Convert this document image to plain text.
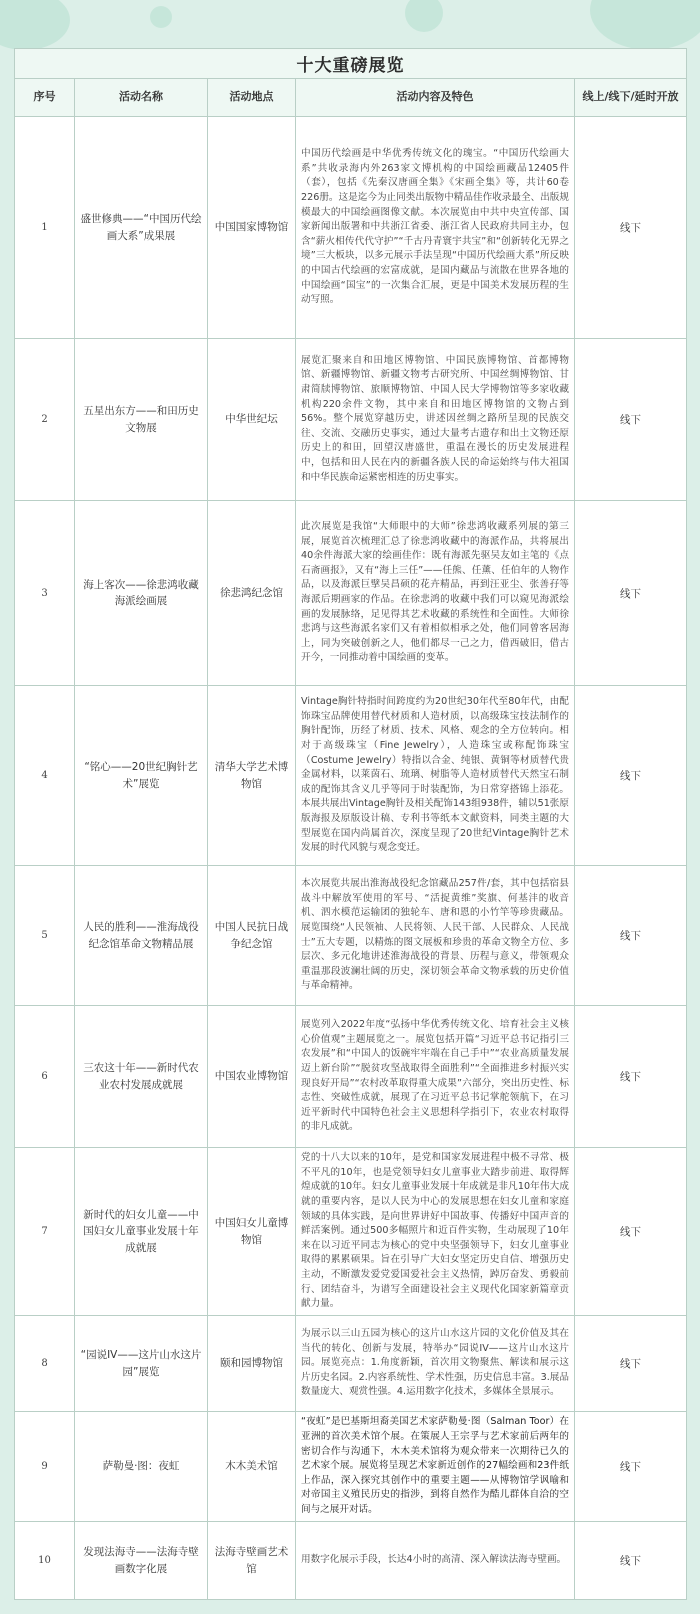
十大重磅展览				
序号	活动名称	活动地点	活动内容及特色	线上/线下/延时开放
1	盛世修典——“中国历代绘画大系”成果展	中国国家博物馆	中国历代绘画是中华优秀传统文化的瑰宝。“中国历代绘画大系”共收录海内外263家文博机构的中国绘画藏品12405件（套），包括《先秦汉唐画全集》《宋画全集》等，共计60卷226册。这是迄今为止同类出版物中精品佳作收录最全、出版规模最大的中国绘画图像文献。本次展览由中共中央宣传部、国家新闻出版署和中共浙江省委、浙江省人民政府共同主办，包含“薪火相传代代守护”“千古丹青寰宇共宝”和“创新转化无界之境”三大板块，以多元展示手法呈现“中国历代绘画大系”所反映的中国古代绘画的宏富成就，是国内藏品与流散在世界各地的中国绘画“国宝”的一次集合汇展，更是中国美术发展历程的生动写照。	线下
2	五星出东方——和田历史文物展	中华世纪坛	展览汇聚来自和田地区博物馆、中国民族博物馆、首都博物馆、新疆博物馆、新疆文物考古研究所、中国丝绸博物馆、甘肃简牍博物馆、旅顺博物馆、中国人民大学博物馆等多家收藏机构220余件文物，其中来自和田地区博物馆的文物占到56%。整个展览穿越历史，讲述因丝绸之路所呈现的民族交往、交流、交融历史事实，通过大量考古遗存和出土文物还原历史上的和田，回望汉唐盛世，重温在漫长的历史发展进程中，包括和田人民在内的新疆各族人民的命运始终与伟大祖国和中华民族命运紧密相连的历史事实。	线下
3	海上客次——徐悲鸿收藏海派绘画展	徐悲鸿纪念馆	此次展览是我馆“大师眼中的大师”徐悲鸿收藏系列展的第三展，展览首次梳理汇总了徐悲鸿收藏中的海派作品，共将展出40余件海派大家的绘画佳作：既有海派先驱吴友如主笔的《点石斋画报》，又有“海上三任”——任熊、任薰、任伯年的人物作品，以及海派巨擘吴昌硕的花卉精品，再到汪亚尘、张善孖等海派后期画家的作品。在徐悲鸿的收藏中我们可以窥见海派绘画的发展脉络，足见得其艺术收藏的系统性和全面性。大师徐悲鸿与这些海派名家们又有着相似相承之处，他们同曾客居海上，同为突破创新之人，他们都尽一己之力，借西破旧，借古开今，一同推动着中国绘画的变革。	线下
4	“铭心——20世纪胸针艺术”展览	清华大学艺术博物馆	Vintage胸针特指时间跨度约为20世纪30年代至80年代，由配饰珠宝品牌使用替代材质和人造材质，以高级珠宝技法制作的胸针配饰，历经了材质、技术、风格、观念的全方位转向。相对于高级珠宝（Fine Jewelry），人造珠宝或称配饰珠宝（Costume Jewelry）特指以合金、纯银、黄铜等材质替代贵金属材料，以莱茵石、琉璃、树脂等人造材质替代天然宝石制成的配饰其含义几乎等同于时装配饰，为日常穿搭锦上添花。本展共展出Vintage胸针及相关配饰143组938件，辅以51张原版海报及原版设计稿、专利书等纸本文献资料，同类主题的大型展览在国内尚属首次，深度呈现了20世纪Vintage胸针艺术发展的时代风貌与观念变迁。	线下
5	人民的胜利——淮海战役纪念馆革命文物精品展	中国人民抗日战争纪念馆	本次展览共展出淮海战役纪念馆藏品257件/套，其中包括宿县战斗中解放军使用的军号、“活捉黄维”奖旗、何基沣的收音机、泗水模范运输团的独轮车、唐和恩的小竹竿等珍贵藏品。展览围绕“人民领袖、人民将领、人民干部、人民群众、人民战士”五大专题，以精炼的图文展板和珍贵的革命文物全方位、多层次、多元化地讲述淮海战役的背景、历程与意义，带领观众重温那段波澜壮阔的历史，深切领会革命文物承载的历史价值与革命精神。	线下
6	三农这十年——新时代农业农村发展成就展	中国农业博物馆	展览列入2022年度“弘扬中华优秀传统文化、培育社会主义核心价值观”主题展览之一。展览包括开篇“习近平总书记指引三农发展”和“中国人的饭碗牢牢端在自己手中”“农业高质量发展迈上新台阶”“脱贫攻坚战取得全面胜利”“全面推进乡村振兴实现良好开局”“农村改革取得重大成果”六部分，突出历史性、标志性、突破性成就，展现了在习近平总书记掌舵领航下，在习近平新时代中国特色社会主义思想科学指引下，农业农村取得的非凡成就。	线下
7	新时代的妇女儿童——中国妇女儿童事业发展十年成就展	中国妇女儿童博物馆	党的十八大以来的10年，是党和国家发展进程中极不寻常、极不平凡的10年，也是党领导妇女儿童事业大踏步前进、取得辉煌成就的10年。妇女儿童事业发展十年成就是非凡10年伟大成就的重要内容，是以人民为中心的发展思想在妇女儿童和家庭领域的具体实践，是向世界讲好中国故事、传播好中国声音的鲜活案例。通过500多幅照片和近百件实物，生动展现了10年来在以习近平同志为核心的党中央坚强领导下，妇女儿童事业取得的累累硕果。旨在引导广大妇女坚定历史自信、增强历史主动，不断激发爱党爱国爱社会主义热情，踔厉奋发、勇毅前行、团结奋斗，为谱写全面建设社会主义现代化国家新篇章贡献力量。	线下
8	“园说IV——这片山水这片园”展览	颐和园博物馆	为展示以三山五园为核心的这片山水这片园的文化价值及其在当代的转化、创新与发展，特举办“园说IV——这片山水这片园。展览亮点：1.角度新颖，首次用文物聚焦、解读和展示这片历史名园。2.内容系统性、学术性强，历史信息丰富。3.展品数量庞大、观赏性强。4.运用数字化技术，多媒体全景展示。	线下
9	萨勒曼·图：夜虹	木木美术馆	“夜虹”是巴基斯坦裔美国艺术家萨勒曼·图（Salman Toor）在亚洲的首次美术馆个展。在策展人王宗孚与艺术家前后两年的密切合作与沟通下，木木美术馆将为观众带来一次期待已久的艺术家个展。展览将呈现艺术家新近创作的27幅绘画和23件纸上作品，深入探究其创作中的重要主题——从博物馆学讽喻和对帝国主义殖民历史的指涉，到将自然作为酷儿群体自洽的空间与之展开对话。	线下
10	发现法海寺——法海寺壁画数字化展	法海寺壁画艺术馆	用数字化展示手段，长达4小时的高清、深入解读法海寺壁画。	线下
